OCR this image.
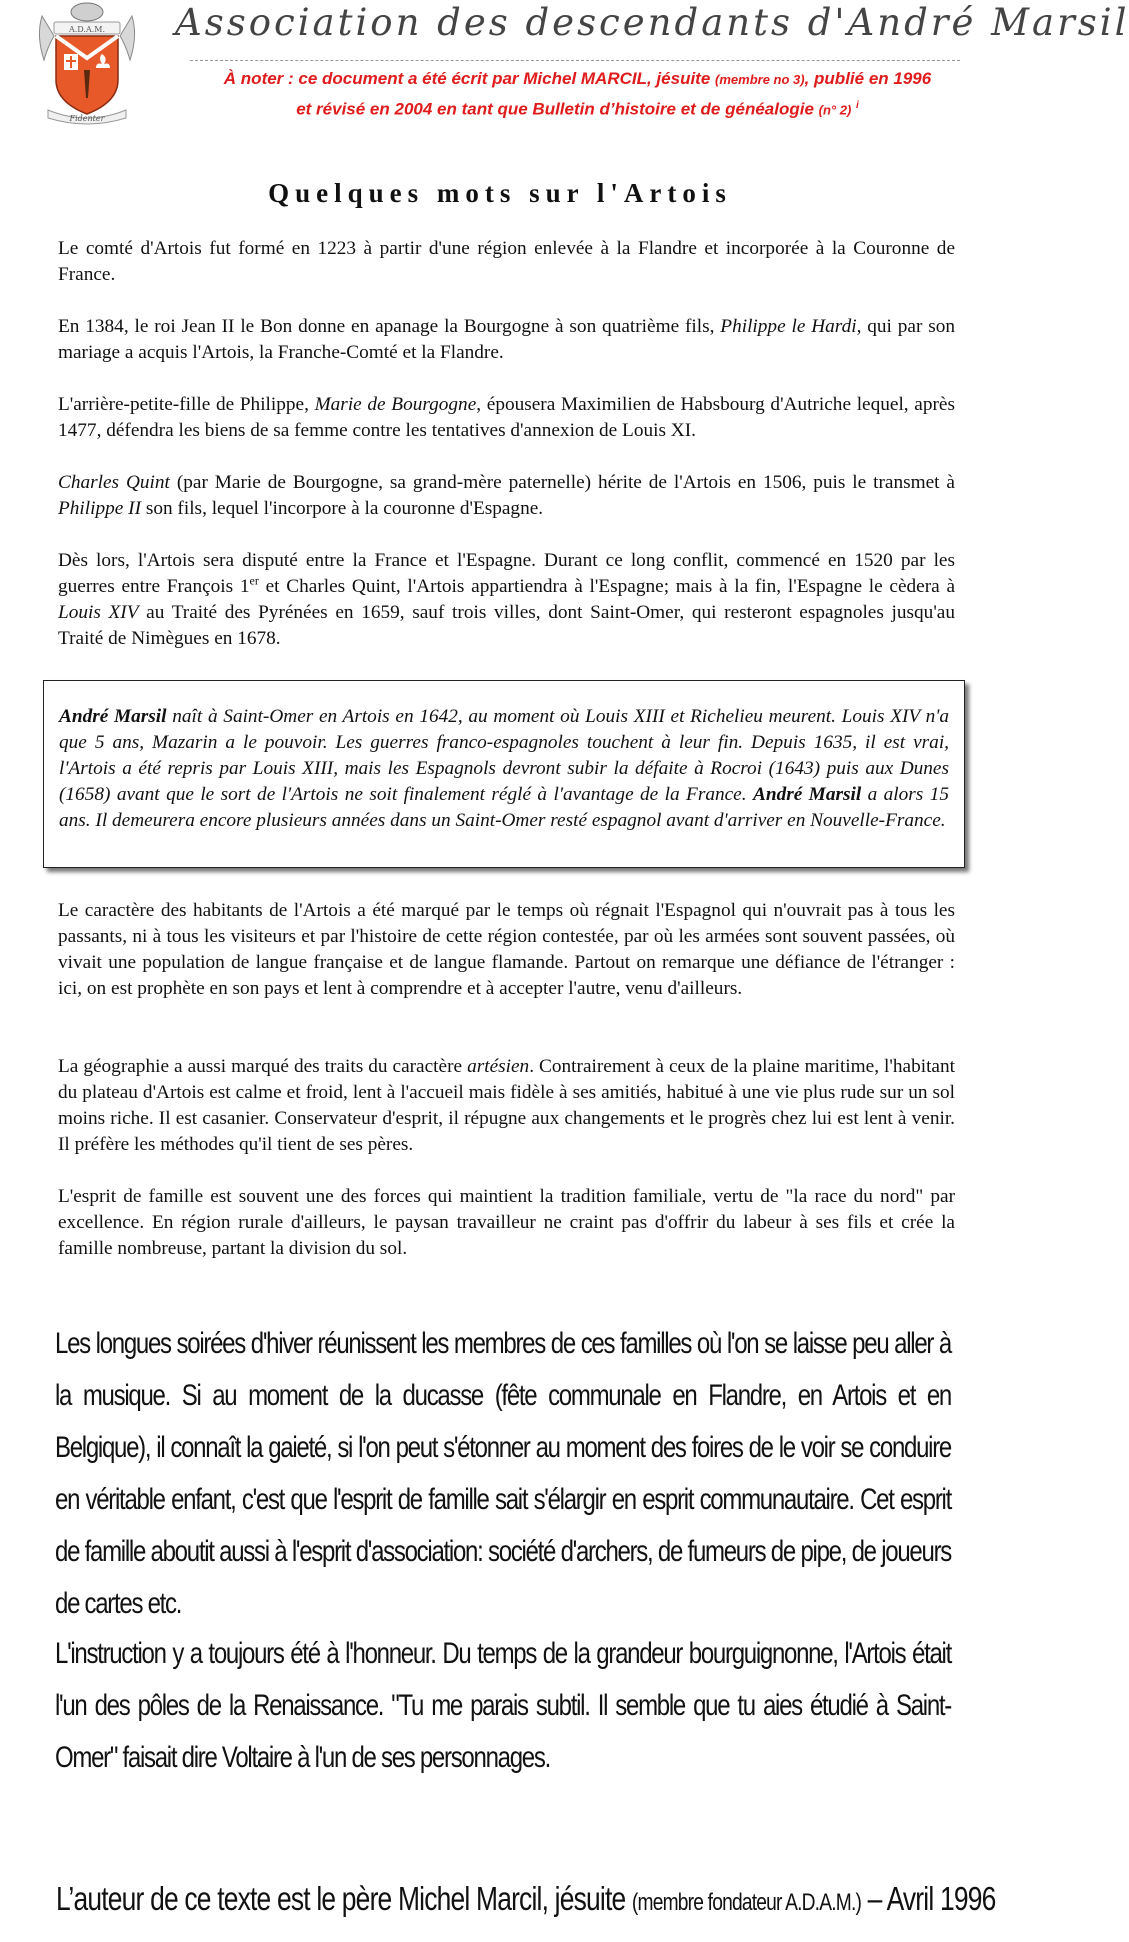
A.D.A.M.
Fidenter
Association des descendants d'André Marsil
À noter : ce document a été écrit par Michel MARCIL, jésuite (membre no 3), publié en 1996
et révisé en 2004 en tant que Bulletin d’histoire et de généalogie (n° 2) $^i$
Quelques mots sur l'Artois

Le comté d'Artois fut formé en 1223 à partir d'une région enlevée à la Flandre et incorporée à la Couronne de France.

En 1384, le roi Jean II le Bon donne en apanage la Bourgogne à son quatrième fils, Philippe le Hardi, qui par son mariage a acquis l'Artois, la Franche-Comté et la Flandre.

L'arrière-petite-fille de Philippe, Marie de Bourgogne, épousera Maximilien de Habsbourg d'Autriche lequel, après 1477, défendra les biens de sa femme contre les tentatives d'annexion de Louis XI.

Charles Quint (par Marie de Bourgogne, sa grand-mère paternelle) hérite de l'Artois en 1506, puis le transmet à Philippe II son fils, lequel l'incorpore à la couronne d'Espagne.

Dès lors, l'Artois sera disputé entre la France et l'Espagne. Durant ce long conflit, commencé en 1520 par les guerres entre François 1er et Charles Quint, l'Artois appartiendra à l'Espagne; mais à la fin, l'Espagne le cèdera à Louis XIV au Traité des Pyrénées en 1659, sauf trois villes, dont Saint-Omer, qui resteront espagnoles jusqu'au Traité de Nimègues en 1678.

André Marsil naît à Saint-Omer en Artois en 1642, au moment où Louis XIII et Richelieu meurent. Louis XIV n'a que 5 ans, Mazarin a le pouvoir. Les guerres franco-espagnoles touchent à leur fin. Depuis 1635, il est vrai, l'Artois a été repris par Louis XIII, mais les Espagnols devront subir la défaite à Rocroi (1643) puis aux Dunes (1658) avant que le sort de l'Artois ne soit finalement réglé à l'avantage de la France. André Marsil a alors 15 ans. Il demeurera encore plusieurs années dans un Saint-Omer resté espagnol avant d'arriver en Nouvelle-France.

Le caractère des habitants de l'Artois a été marqué par le temps où régnait l'Espagnol qui n'ouvrait pas à tous les passants, ni à tous les visiteurs et par l'histoire de cette région contestée, par où les armées sont souvent passées, où vivait une population de langue française et de langue flamande. Partout on remarque une défiance de l'étranger : ici, on est prophète en son pays et lent à comprendre et à accepter l'autre, venu d'ailleurs.

La géographie a aussi marqué des traits du caractère artésien. Contrairement à ceux de la plaine maritime, l'habitant du plateau d'Artois est calme et froid, lent à l'accueil mais fidèle à ses amitiés, habitué à une vie plus rude sur un sol moins riche. Il est casanier. Conservateur d'esprit, il répugne aux changements et le progrès chez lui est lent à venir. Il préfère les méthodes qu'il tient de ses pères.

L'esprit de famille est souvent une des forces qui maintient la tradition familiale, vertu de "la race du nord" par excellence. En région rurale d'ailleurs, le paysan travailleur ne craint pas d'offrir du labeur à ses fils et crée la famille nombreuse, partant la division du sol.

Les longues soirées d'hiver réunissent les membres de ces familles où l'on se laisse peu aller à la musique. Si au moment de la ducasse (fête communale en Flandre, en Artois et en Belgique), il connaît la gaieté, si l'on peut s'étonner au moment des foires de le voir se conduire en véritable enfant, c'est que l'esprit de famille sait s'élargir en esprit communautaire. Cet esprit de famille aboutit aussi à l'esprit d'association: société d'archers, de fumeurs de pipe, de joueurs de cartes etc.

L'instruction y a toujours été à l'honneur. Du temps de la grandeur bourguignonne, l'Artois était l'un des pôles de la Renaissance. "Tu me parais subtil. Il semble que tu aies étudié à Saint-Omer" faisait dire Voltaire à l'un de ses personnages.

L’auteur de ce texte est le père Michel Marcil, jésuite (membre fondateur A.D.A.M.) – Avril 1996
